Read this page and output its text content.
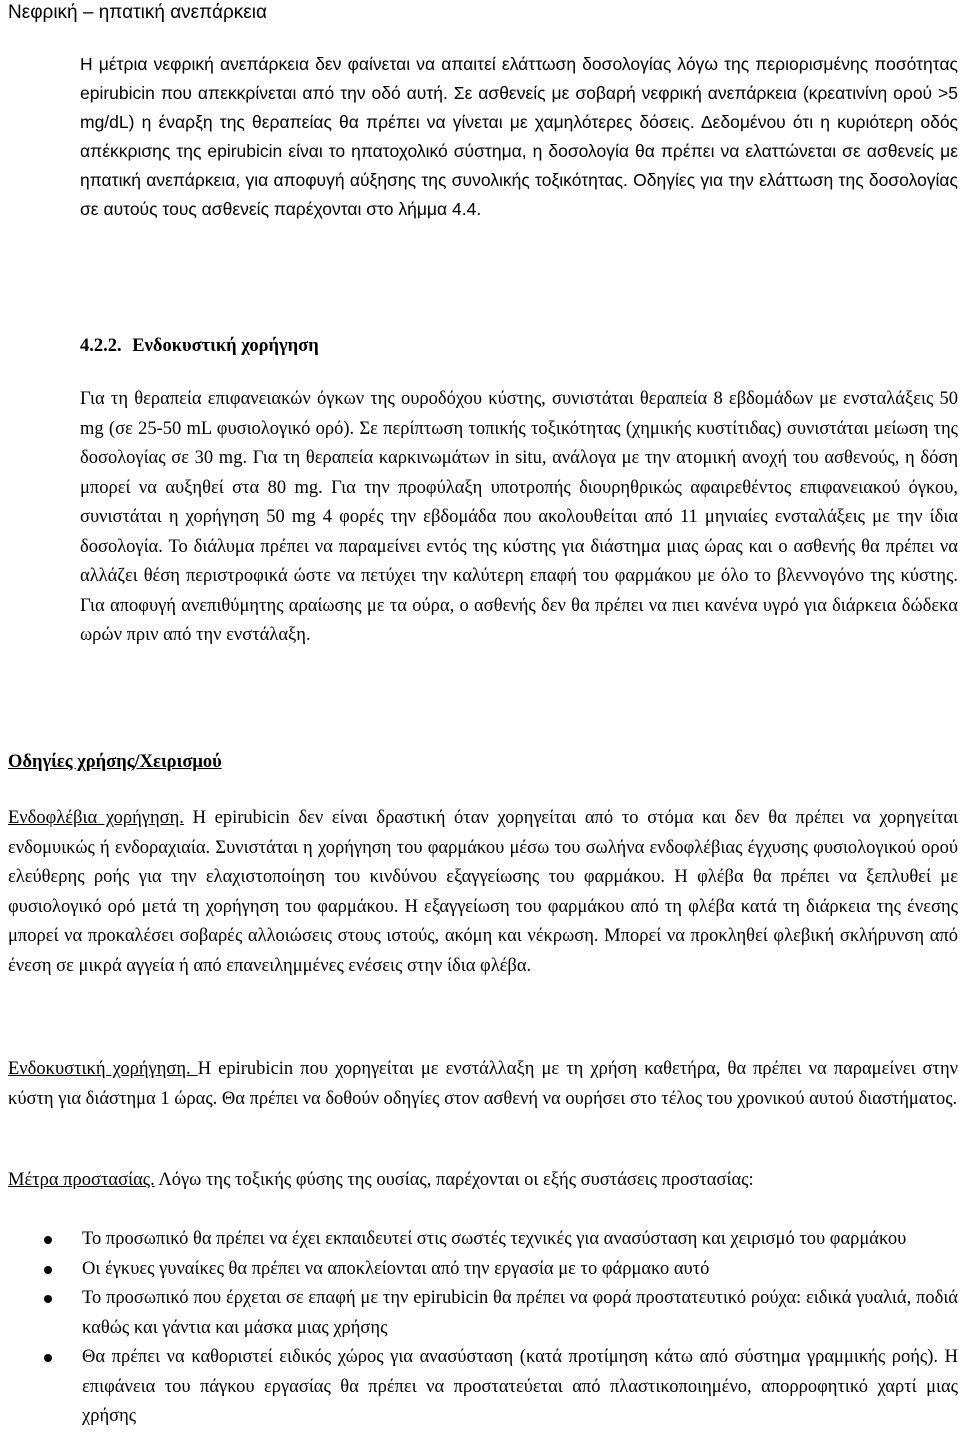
Νεφρική – ηπατική ανεπάρκεια

Η μέτρια νεφρική ανεπάρκεια δεν φαίνεται να απαιτεί ελάττωση δοσολογίας λόγω της περιορισμένης ποσότητας epirubicin που απεκκρίνεται από την οδό αυτή. Σε ασθενείς με σοβαρή νεφρική ανεπάρκεια (κρεατινίνη ορού >5 mg/dL) η έναρξη της θεραπείας θα πρέπει να γίνεται με χαμηλότερες δόσεις. Δεδομένου ότι η κυριότερη οδός απέκκρισης της epirubicin είναι το ηπατοχολικό σύστημα, η δοσολογία θα πρέπει να ελαττώνεται σε ασθενείς με ηπατική ανεπάρκεια, για αποφυγή αύξησης της συνολικής τοξικότητας. Οδηγίες για την ελάττωση της δοσολογίας σε αυτούς τους ασθενείς παρέχονται στο λήμμα 4.4.

4.2.2. Ενδοκυστική χορήγηση

Για τη θεραπεία επιφανειακών όγκων της ουροδόχου κύστης, συνιστάται θεραπεία 8 εβδομάδων με ενσταλάξεις 50 mg (σε 25-50 mL φυσιολογικό ορό). Σε περίπτωση τοπικής τοξικότητας (χημικής κυστίτιδας) συνιστάται μείωση της δοσολογίας σε 30 mg. Για τη θεραπεία καρκινωμάτων in situ, ανάλογα με την ατομική ανοχή του ασθενούς, η δόση μπορεί να αυξηθεί στα 80 mg. Για την προφύλαξη υποτροπής διουρηθρικώς αφαιρεθέντος επιφανειακού όγκου, συνιστάται η χορήγηση 50 mg 4 φορές την εβδομάδα που ακολουθείται από 11 μηνιαίες ενσταλάξεις με την ίδια δοσολογία. Το διάλυμα πρέπει να παραμείνει εντός της κύστης για διάστημα μιας ώρας και ο ασθενής θα πρέπει να αλλάζει θέση περιστροφικά ώστε να πετύχει την καλύτερη επαφή του φαρμάκου με όλο το βλεννογόνο της κύστης. Για αποφυγή ανεπιθύμητης αραίωσης με τα ούρα, ο ασθενής δεν θα πρέπει να πιει κανένα υγρό για διάρκεια δώδεκα ωρών πριν από την ενστάλαξη.

Οδηγίες χρήσης/Χειρισμού

Ενδοφλέβια χορήγηση. Η epirubicin δεν είναι δραστική όταν χορηγείται από το στόμα και δεν θα πρέπει να χορηγείται ενδομυικώς ή ενδοραχιαία. Συνιστάται η χορήγηση του φαρμάκου μέσω του σωλήνα ενδοφλέβιας έγχυσης φυσιολογικού ορού ελεύθερης ροής για την ελαχιστοποίηση του κινδύνου εξαγγείωσης του φαρμάκου. Η φλέβα θα πρέπει να ξεπλυθεί με φυσιολογικό ορό μετά τη χορήγηση του φαρμάκου. Η εξαγγείωση του φαρμάκου από τη φλέβα κατά τη διάρκεια της ένεσης μπορεί να προκαλέσει σοβαρές αλλοιώσεις στους ιστούς, ακόμη και νέκρωση. Μπορεί να προκληθεί φλεβική σκλήρυνση από ένεση σε μικρά αγγεία ή από επανειλημμένες ενέσεις στην ίδια φλέβα.

Ενδοκυστική χορήγηση. Η epirubicin που χορηγείται με ενστάλλαξη με τη χρήση καθετήρα, θα πρέπει να παραμείνει στην κύστη για διάστημα 1 ώρας. Θα πρέπει να δοθούν οδηγίες στον ασθενή να ουρήσει στο τέλος του χρονικού αυτού διαστήματος.

Μέτρα προστασίας. Λόγω της τοξικής φύσης της ουσίας, παρέχονται οι εξής συστάσεις προστασίας:

Το προσωπικό θα πρέπει να έχει εκπαιδευτεί στις σωστές τεχνικές για ανασύσταση και χειρισμό του φαρμάκου
Οι έγκυες γυναίκες θα πρέπει να αποκλείονται από την εργασία με το φάρμακο αυτό
Το προσωπικό που έρχεται σε επαφή με την epirubicin θα πρέπει να φορά προστατευτικό ρούχα: ειδικά γυαλιά, ποδιά καθώς και γάντια και μάσκα μιας χρήσης
Θα πρέπει να καθοριστεί ειδικός χώρος για ανασύσταση (κατά προτίμηση κάτω από σύστημα γραμμικής ροής). Η επιφάνεια του πάγκου εργασίας θα πρέπει να προστατεύεται από πλαστικοποιημένο, απορροφητικό χαρτί μιας χρήσης
